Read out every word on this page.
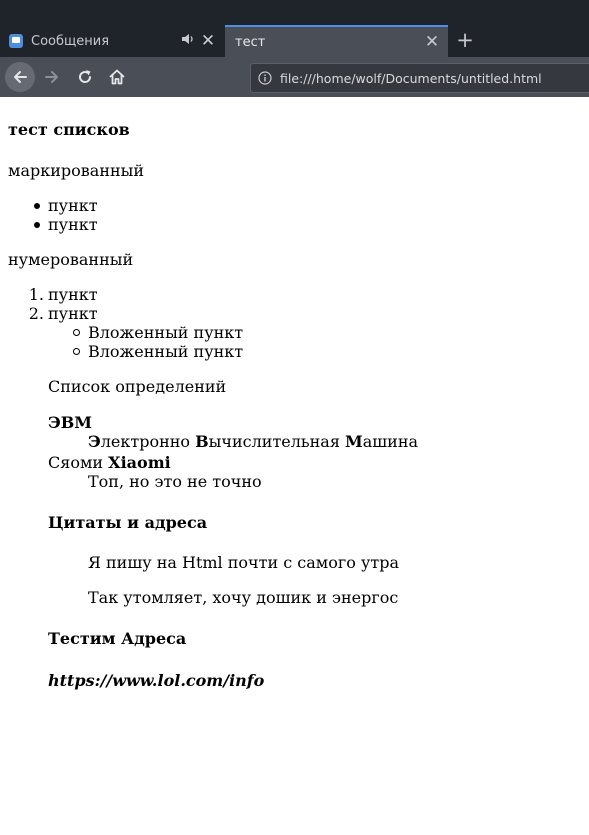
Сообщения	✕ тест	✕ +
file:///home/wolf/Documents/untitled.html
тест списков
маркированный
пункт
пункт
нумерованный
1. пункт
2. пункт
Вложенный пункт
Вложенный пункт
Список определений
ЭВМ
Электронно Вычислительная Машина
Сяоми Xiaomi
Топ, но это не точно
Цитаты и адреса
Я пишу на Html почти с самого утра
Так утомляет, хочу дошик и энергос
Тестим Адреса
https://www.lol.com/info
